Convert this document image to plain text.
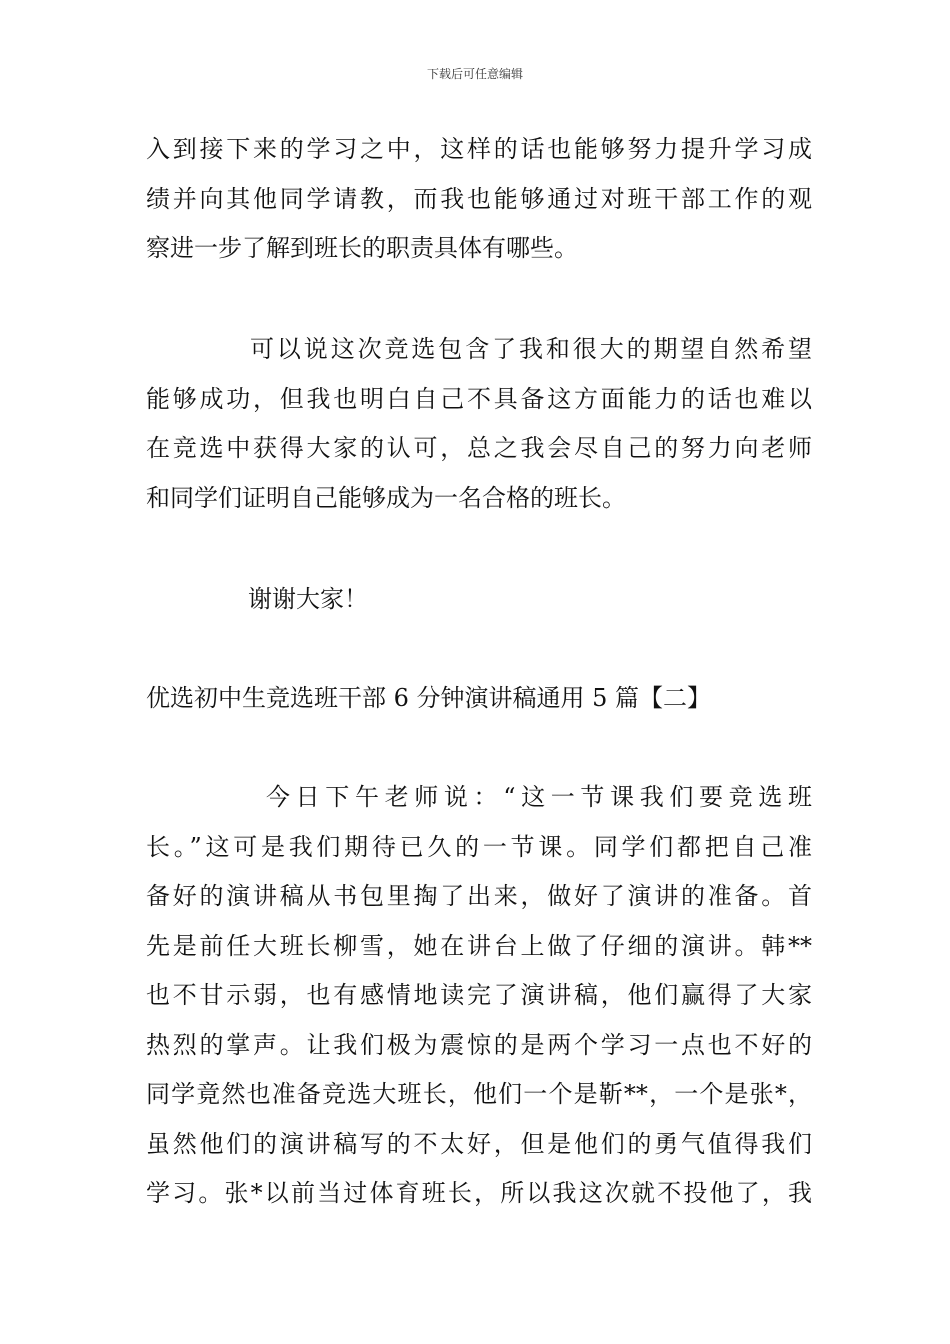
下载后可任意编辑
入到接下来的学习之中，这样的话也能够努力提升学习成
绩并向其他同学请教，而我也能够通过对班干部工作的观
察进一步了解到班长的职责具体有哪些。
可以说这次竞选包含了我和很大的期望自然希望
能够成功，但我也明白自己不具备这方面能力的话也难以
在竞选中获得大家的认可，总之我会尽自己的努力向老师
和同学们证明自己能够成为一名合格的班长。
谢谢大家！
优选初中生竞选班干部 6 分钟演讲稿通用 5 篇【二】
今日下午老师说：“这一节课我们要竞选班
长。”这可是我们期待已久的一节课。同学们都把自己准
备好的演讲稿从书包里掏了出来，做好了演讲的准备。首
先是前任大班长柳雪，她在讲台上做了仔细的演讲。韩**
也不甘示弱，也有感情地读完了演讲稿，他们赢得了大家
热烈的掌声。让我们极为震惊的是两个学习一点也不好的
同学竟然也准备竞选大班长，他们一个是靳**，一个是张*，
虽然他们的演讲稿写的不太好，但是他们的勇气值得我们
学习。张*以前当过体育班长，所以我这次就不投他了，我
